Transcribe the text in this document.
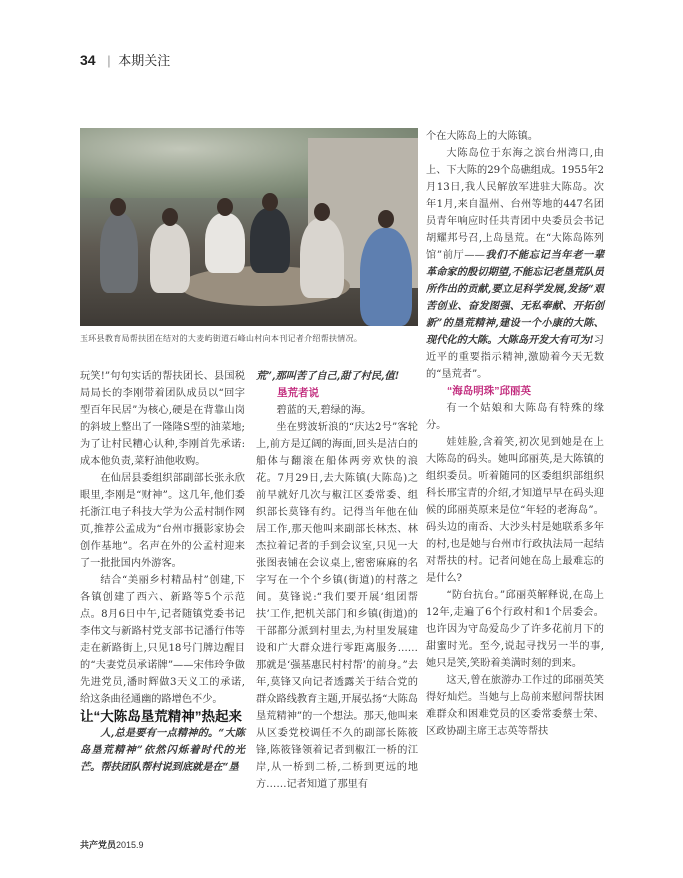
34 | 本期关注
玉环县教育局帮扶团在结对的大麦屿街道石峰山村向本刊记者介绍帮扶情况。

玩笑!”句句实话的帮扶团长、县国税局局长的李刚带着团队成员以“回字型百年民居”为核心,硬是在背靠山岗的斜坡上整出了一隆隆S型的油菜地;为了让村民糟心认种,李刚首先承诺:成本他负责,菜籽油他收购。

在仙居县委组织部副部长张永欣眼里,李刚是“财神”。这几年,他们委托浙江电子科技大学为公孟村制作网页,推荐公孟成为“台州市摄影家协会创作基地”。名声在外的公孟村迎来了一批批国内外游客。

结合“美丽乡村精品村”创建,下各镇创建了西六、新路等5个示范点。8月6日中午,记者随镇党委书记李伟文与新路村党支部书记潘行伟等走在新路街上,只见18号门牌边醒目的“夫妻党员承诺牌”——宋伟玲争做先进党员,潘时辉做3天义工的承诺,给这条曲径通幽的路增色不少。

让“大陈岛垦荒精神”热起来

人,总是要有一点精神的。“大陈岛垦荒精神”依然闪烁着时代的光芒。帮扶团队帮村说到底就是在“垦

荒”,那叫苦了自己,甜了村民,值!

垦荒者说

碧蓝的天,碧绿的海。

坐在劈波斩浪的“庆达2号”客轮上,前方是辽阔的海面,回头是洁白的船体与翻滚在船体两旁欢快的浪花。7月29日,去大陈镇(大陈岛)之前早就好几次与椒江区委常委、组织部长莫锋有约。记得当年他在仙居工作,那天他叫来副部长林杰、林杰拉着记者的手到会议室,只见一大张图表铺在会议桌上,密密麻麻的名字写在一个个乡镇(街道)的村落之间。莫锋说:“我们要开展‘组团帮扶’工作,把机关部门和乡镇(街道)的干部都分派到村里去,为村里发展建设和广大群众进行零距离服务……那就是‘强基惠民村村帮’的前身。”去年,莫锋又向记者透露关于结合党的群众路线教育主题,开展弘扬“大陈岛垦荒精神”的一个想法。那天,他叫来从区委党校调任不久的副部长陈筱锋,陈筱锋领着记者到椒江一桥的江岸,从一桥到二桥,二桥到更远的地方……记者知道了那里有

个在大陈岛上的大陈镇。

大陈岛位于东海之滨台州湾口,由上、下大陈的29个岛礁组成。1955年2月13日,我人民解放军进驻大陈岛。次年1月,来自温州、台州等地的447名团员青年响应时任共青团中央委员会书记胡耀邦号召,上岛垦荒。在“大陈岛陈列馆”前厅——我们不能忘记当年老一辈革命家的殷切期望,不能忘记老垦荒队员所作出的贡献,要立足科学发展,发扬“艰苦创业、奋发图强、无私奉献、开拓创新”的垦荒精神,建设一个小康的大陈、现代化的大陈。大陈岛开发大有可为!习近平的重要指示精神,激励着今天无数的“垦荒者”。

“海岛明珠”邱丽英

有一个姑娘和大陈岛有特殊的缘分。

娃娃脸,含着笑,初次见到她是在上大陈岛的码头。她叫邱丽英,是大陈镇的组织委员。听着随同的区委组织部组织科长邢宝青的介绍,才知道早早在码头迎候的邱丽英原来是位“年轻的老海岛”。码头边的南岙、大沙头村是她联系多年的村,也是她与台州市行政执法局一起结对帮扶的村。记者问她在岛上最难忘的是什么?

“防台抗台。”邱丽英解释说,在岛上12年,走遍了6个行政村和1个居委会。也许因为守岛爱岛少了许多花前月下的甜蜜时光。至今,说起寻找另一半的事,她只是笑,笑盼着美满时刻的到来。

这天,曾在旅游办工作过的邱丽英笑得好灿烂。当她与上岛前来慰问帮扶困难群众和困难党员的区委常委蔡士荣、区政协副主席王志英等帮扶

共产党员2015.9
